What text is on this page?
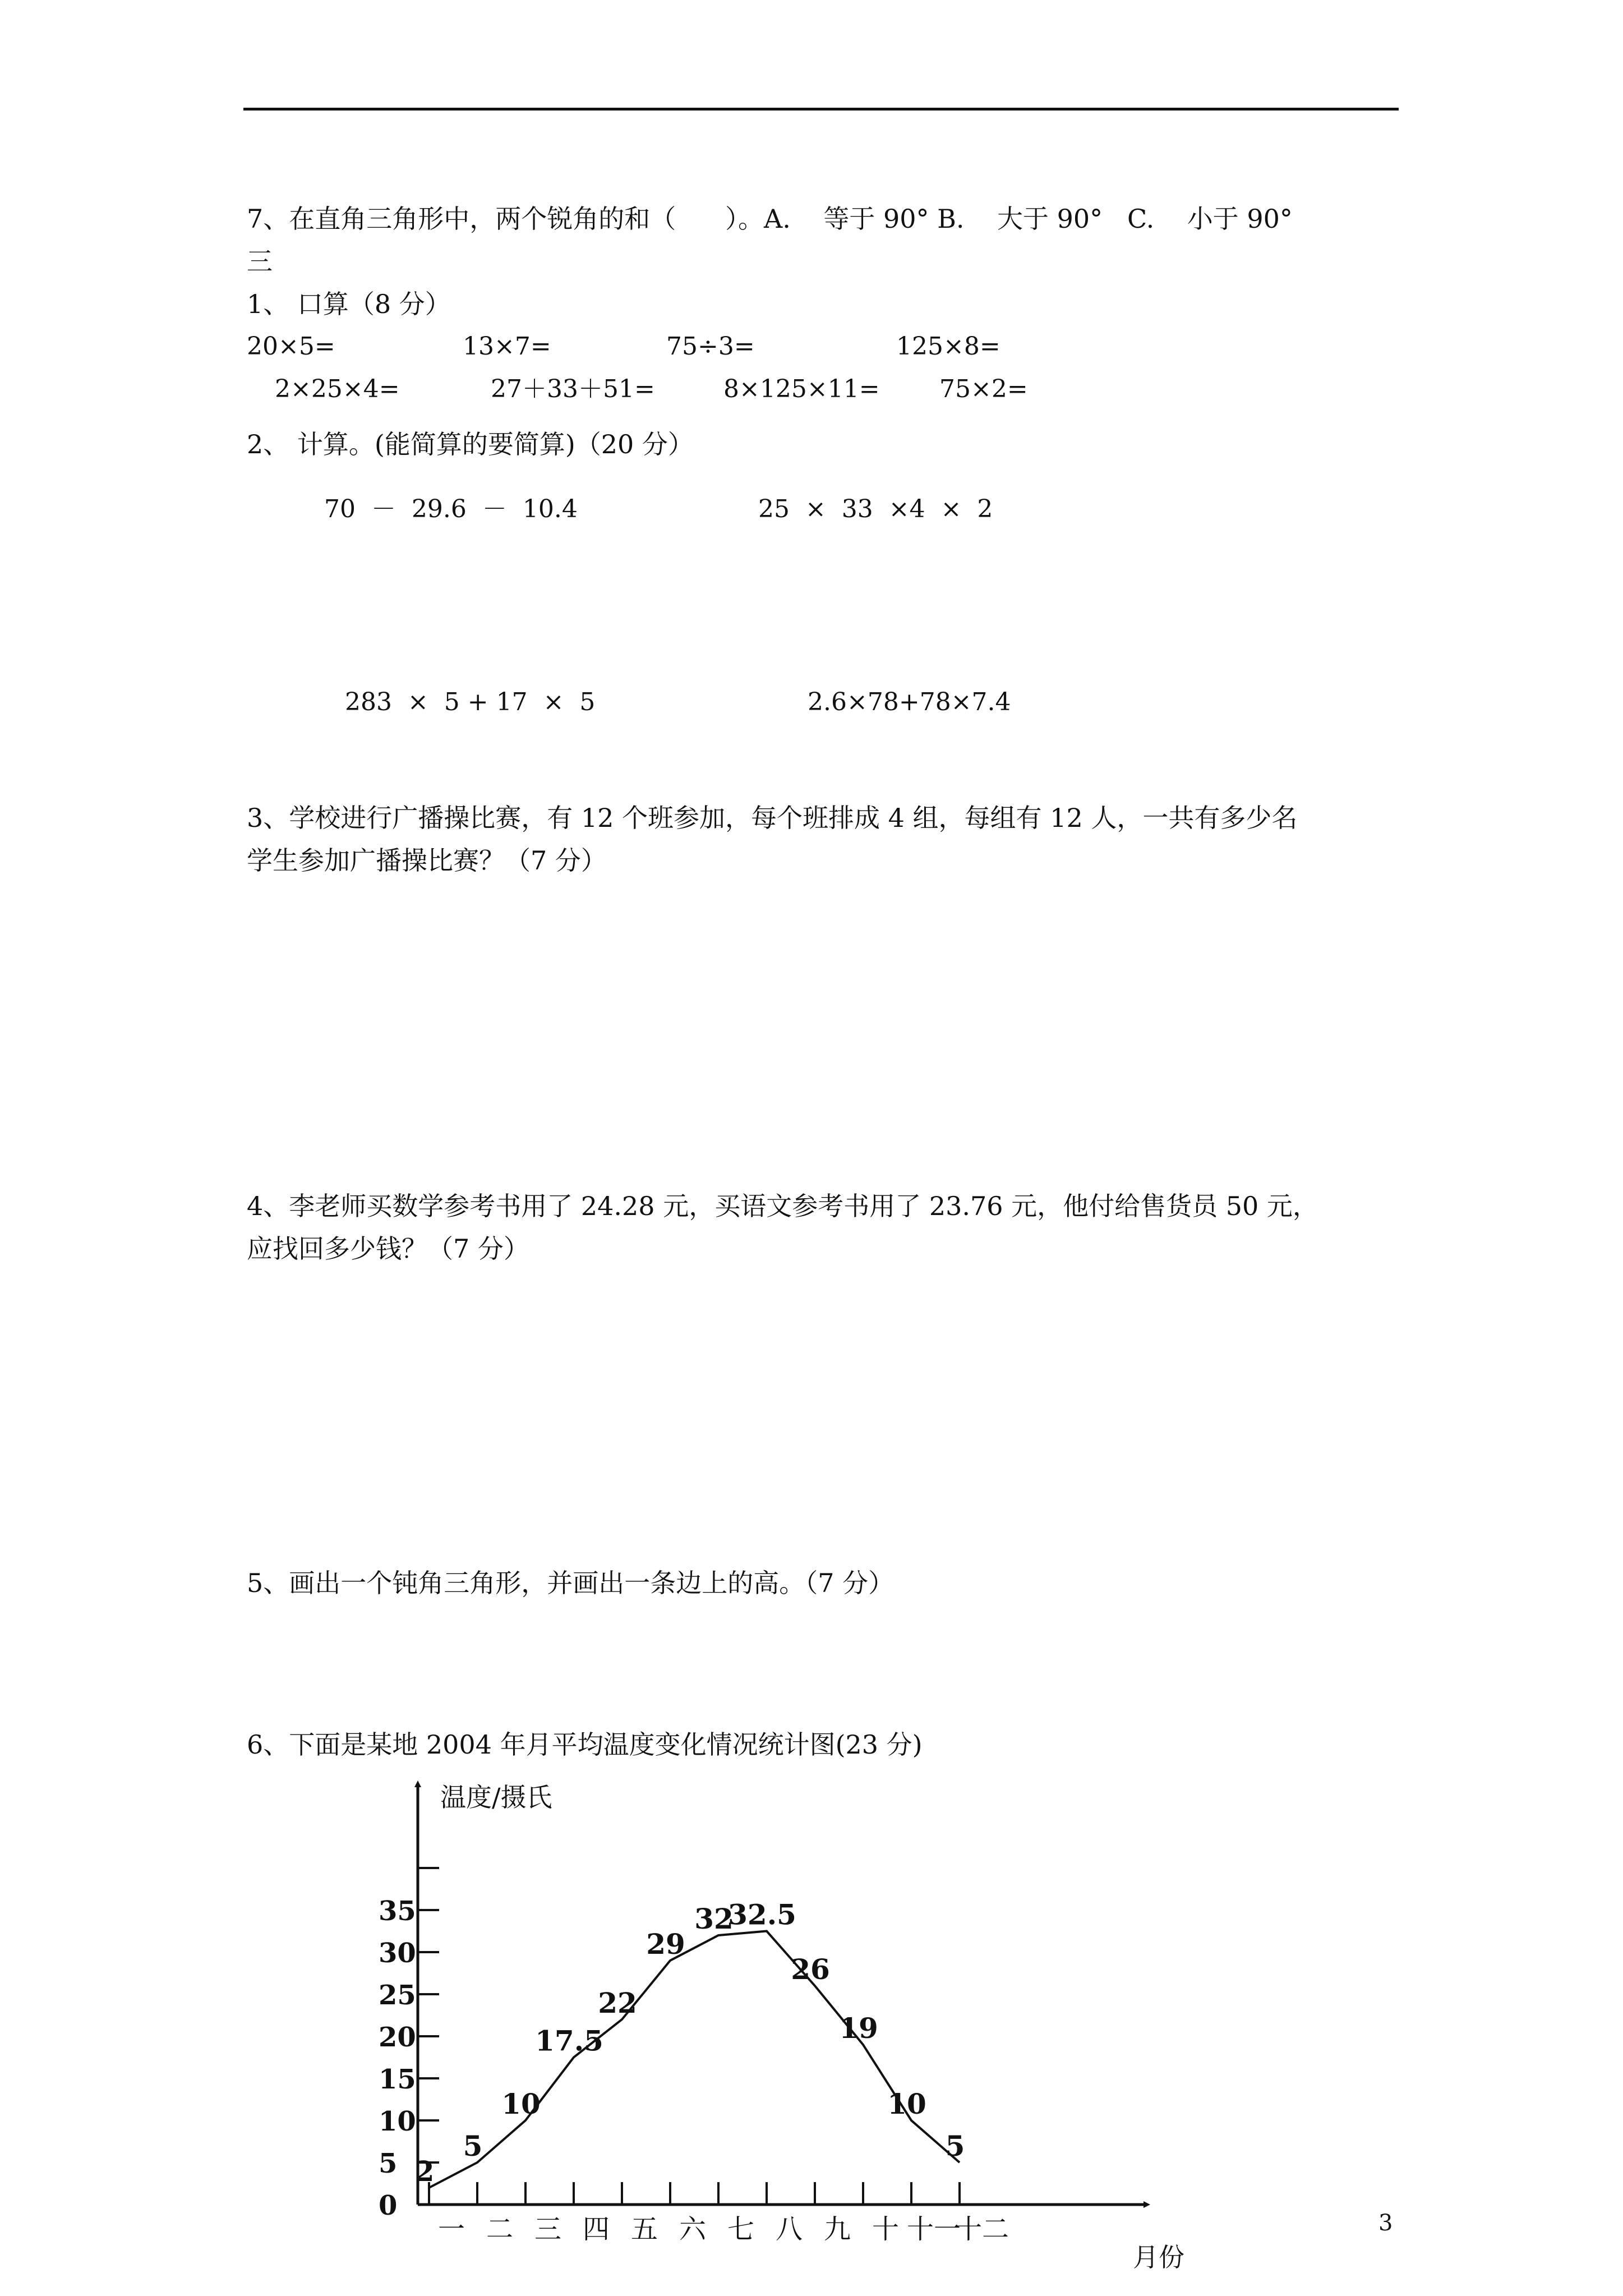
7、在直角三角形中，两个锐角的和（      ）。A.    等于 90° B.    大于 90°   C.    小于 90°
三
1、 口算（8 分）
20×5=	13×7=	75÷3=	125×8=
2×25×4=	27＋33＋51=	8×125×11= 75×2=
2、 计算。(能简算的要简算)（20 分）
70  －  29.6  －  10.4	25  ×  33  ×4  ×  2
283  ×  5 + 17  ×  5	2.6×78+78×7.4
3、学校进行广播操比赛，有 12 个班参加，每个班排成 4 组，每组有 12 人，一共有多少名
学生参加广播操比赛？（7 分）
4、李老师买数学参考书用了 24.28 元，买语文参考书用了 23.76 元，他付给售货员 50 元，
应找回多少钱？（7 分）
5、画出一个钝角三角形，并画出一条边上的高。（7 分）
6、下面是某地 2004 年月平均温度变化情况统计图(23 分)
0
5
10
15
20
25
30
35
一 二 三 四 五 六 七 八 九 十 十一
十二
2
5
10
17.5
22
29
32
32.5
26
19
10
5
温度/摄氏
月份
3
